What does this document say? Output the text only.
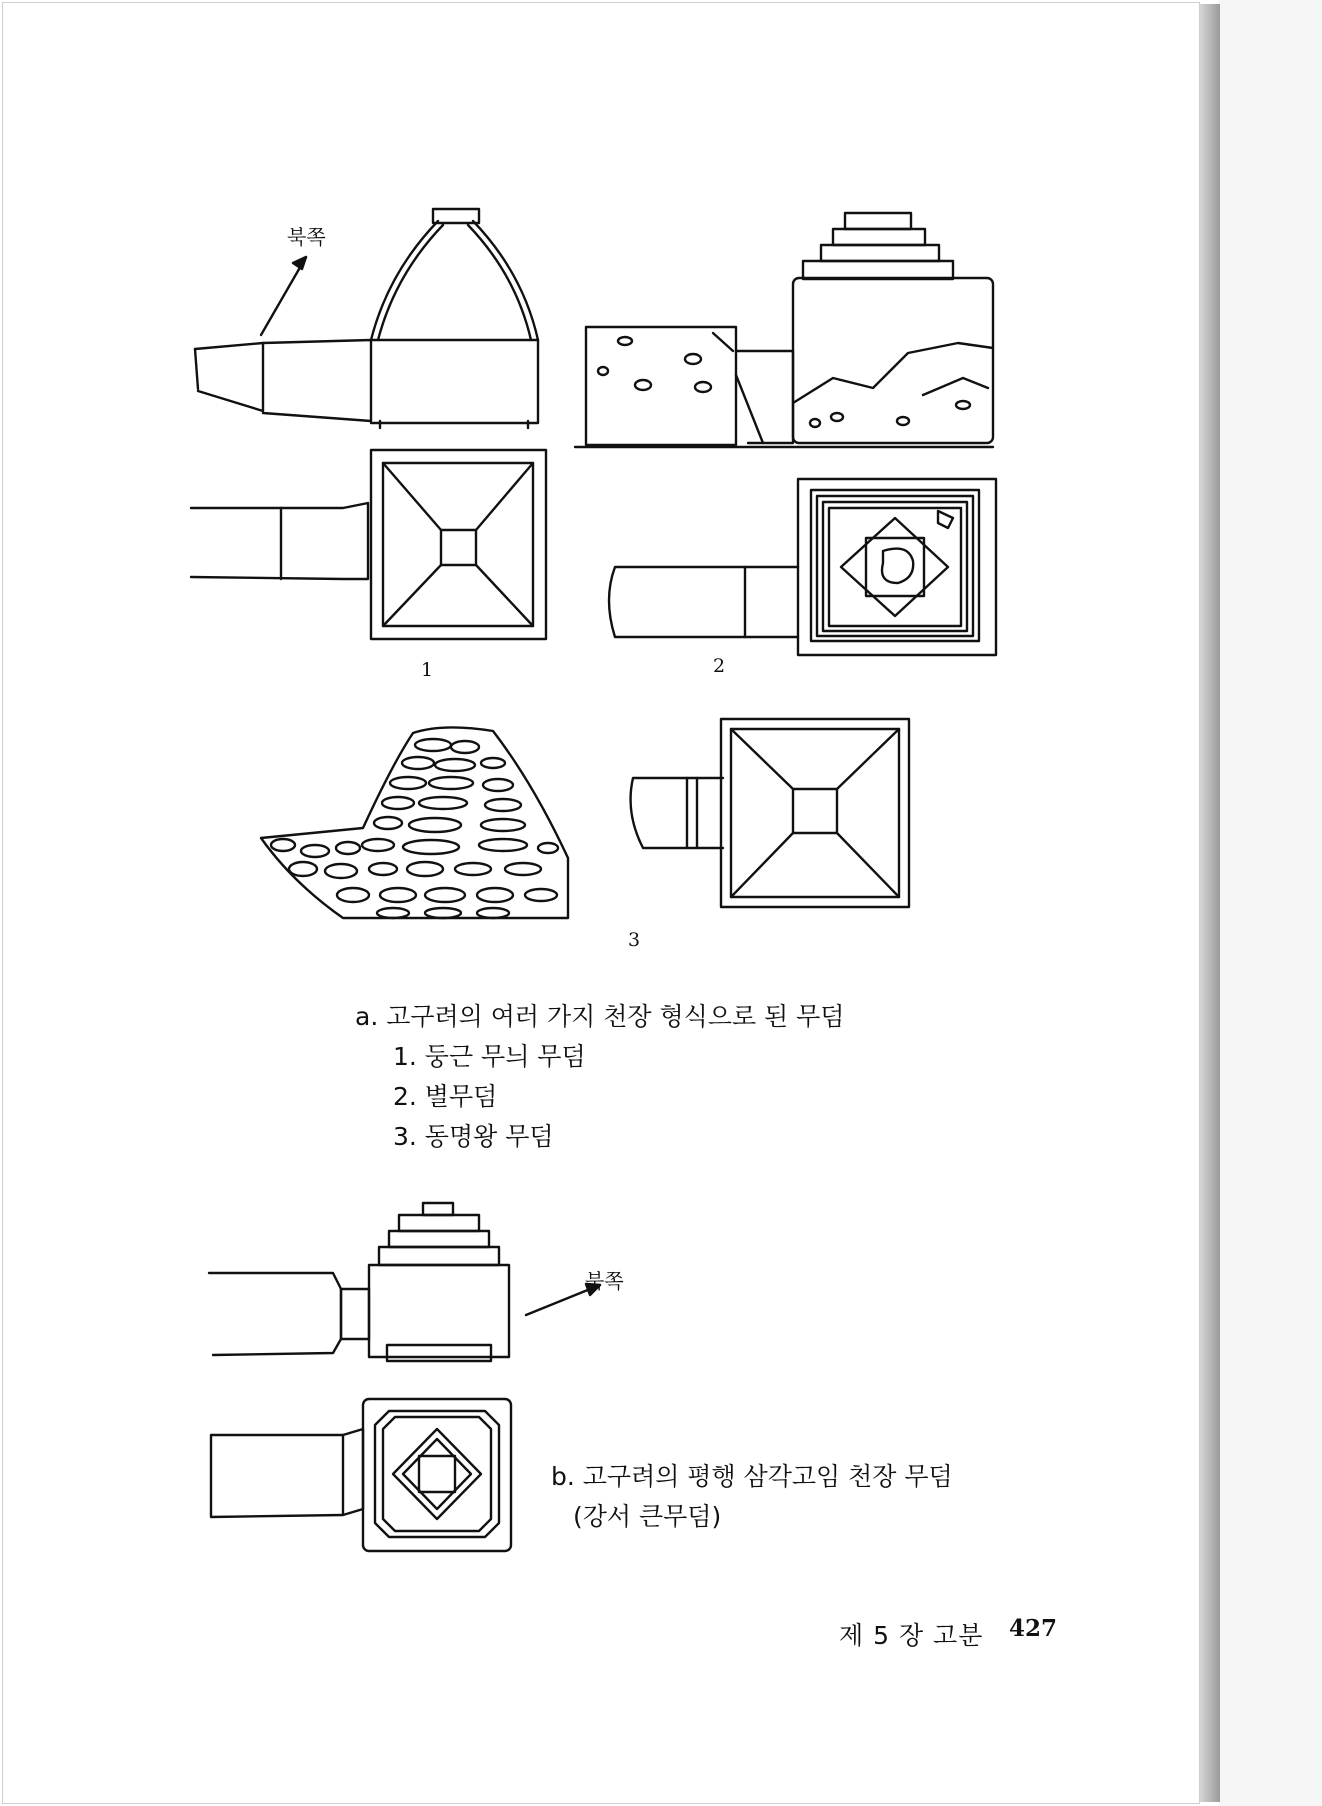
북쪽
1	2
3
a. 고구려의 여러 가지 천장 형식으로 된 무덤
1. 둥근 무늬 무덤
2. 별무덤
3. 동명왕 무덤
북쪽
b. 고구려의 평행 삼각고임 천장 무덤
(강서 큰무덤)
제 5 장 고분 427
